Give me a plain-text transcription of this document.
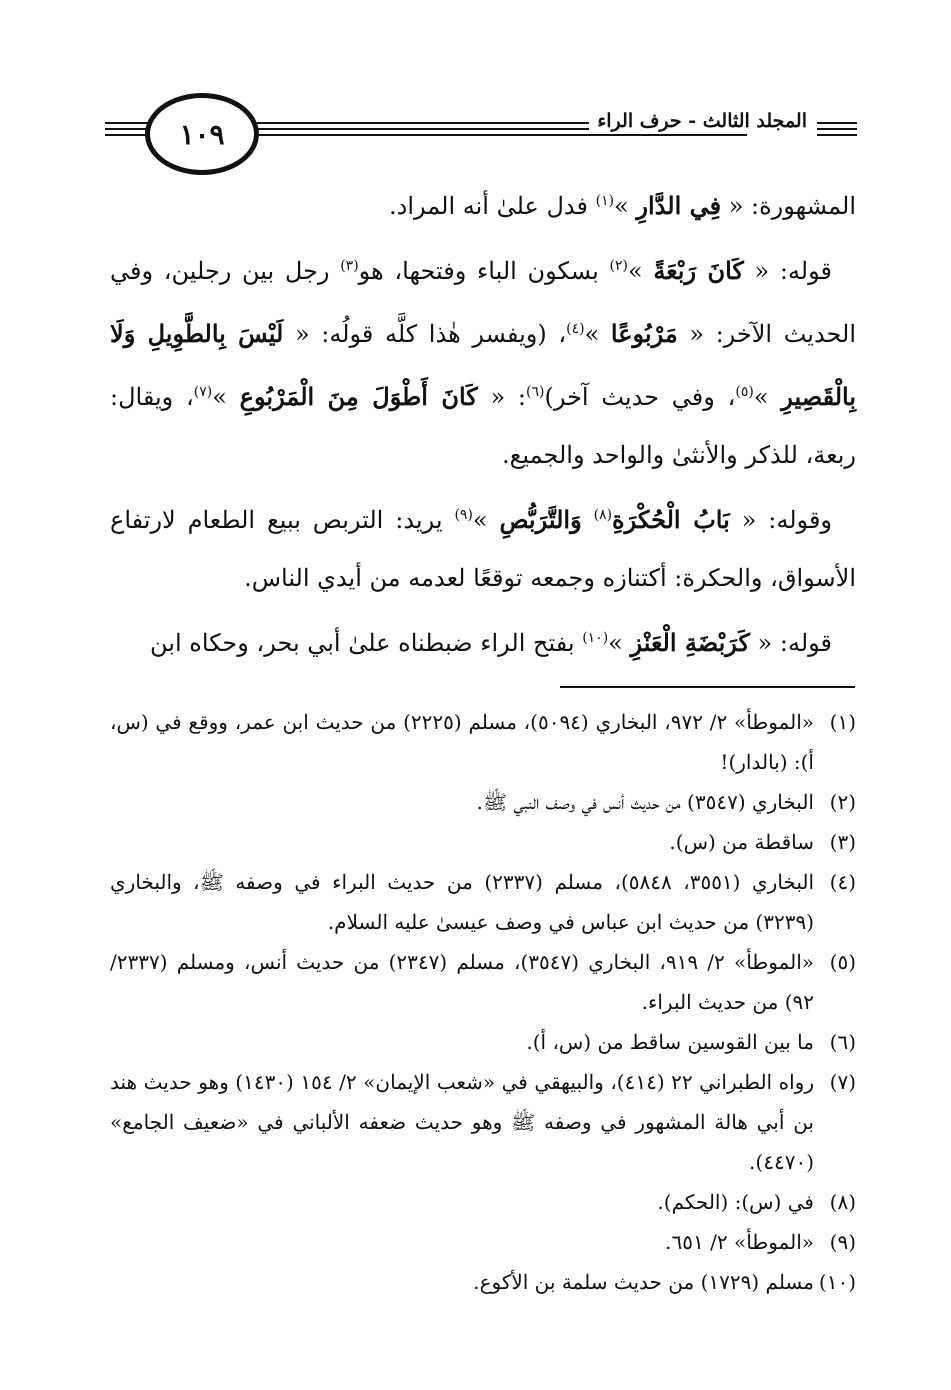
١٠٩	المجلد الثالث - حرف الراء

المشهورة: « فِي الدَّارِ »$^{(١)}$ فدل علىٰ أنه المراد.

 قوله: « كَانَ رَبْعَةً »$^{(٢)}$ بسكون الباء وفتحها، هو$^{(٣)}$ رجل بين رجلين، وفي الحديث الآخر: « مَرْبُوعًا »$^{(٤)}$، (ويفسر هٰذا كلَّه قولُه: « لَيْسَ بِالطَّوِيلِ وَلَا بِالْقَصِيرِ »$^{(٥)}$، وفي حديث آخر)$^{(٦)}$: « كَانَ أَطْوَلَ مِنَ الْمَرْبُوعِ »$^{(٧)}$، ويقال: ربعة، للذكر والأنثىٰ والواحد والجميع.

 وقوله: « بَابُ الْحُكْرَةِ$^{(٨)}$ وَالتَّرَبُّصِ »$^{(٩)}$ يريد: التربص ببيع الطعام لارتفاع الأسواق، والحكرة: أكتنازه وجمعه توقعًا لعدمه من أيدي الناس.

 قوله: « كَرَبْضَةِ الْعَنْزِ »$^{(١٠)}$ بفتح الراء ضبطناه علىٰ أبي بحر، وحكاه ابن

(١)
«الموطأ» ٢/ ٩٧٢، البخاري (٥٠٩٤)، مسلم (٢٢٢٥) من حديث ابن عمر، ووقع في (س، أ): (بالدار)!
(٢)
البخاري (٣٥٤٧) من حديث أنس في وصف النبي ﷺ.
(٣)
ساقطة من (س).
(٤)
البخاري (٣٥٥١، ٥٨٤٨)، مسلم (٢٣٣٧) من حديث البراء في وصفه ﷺ، والبخاري (٣٢٣٩) من حديث ابن عباس في وصف عيسىٰ عليه السلام.
(٥)
«الموطأ» ٢/ ٩١٩، البخاري (٣٥٤٧)، مسلم (٢٣٤٧) من حديث أنس، ومسلم (٢٣٣٧/ ٩٢) من حديث البراء.
(٦)
ما بين القوسين ساقط من (س، أ).
(٧)
رواه الطبراني ٢٢ (٤١٤)، والبيهقي في «شعب الإيمان» ٢/ ١٥٤ (١٤٣٠) وهو حديث هند بن أبي هالة المشهور في وصفه ﷺ وهو حديث ضعفه الألباني في «ضعيف الجامع» (٤٤٧٠).
(٨)
في (س): (الحكم).
(٩)
«الموطأ» ٢/ ٦٥١.
(١٠)
مسلم (١٧٢٩) من حديث سلمة بن الأكوع.
